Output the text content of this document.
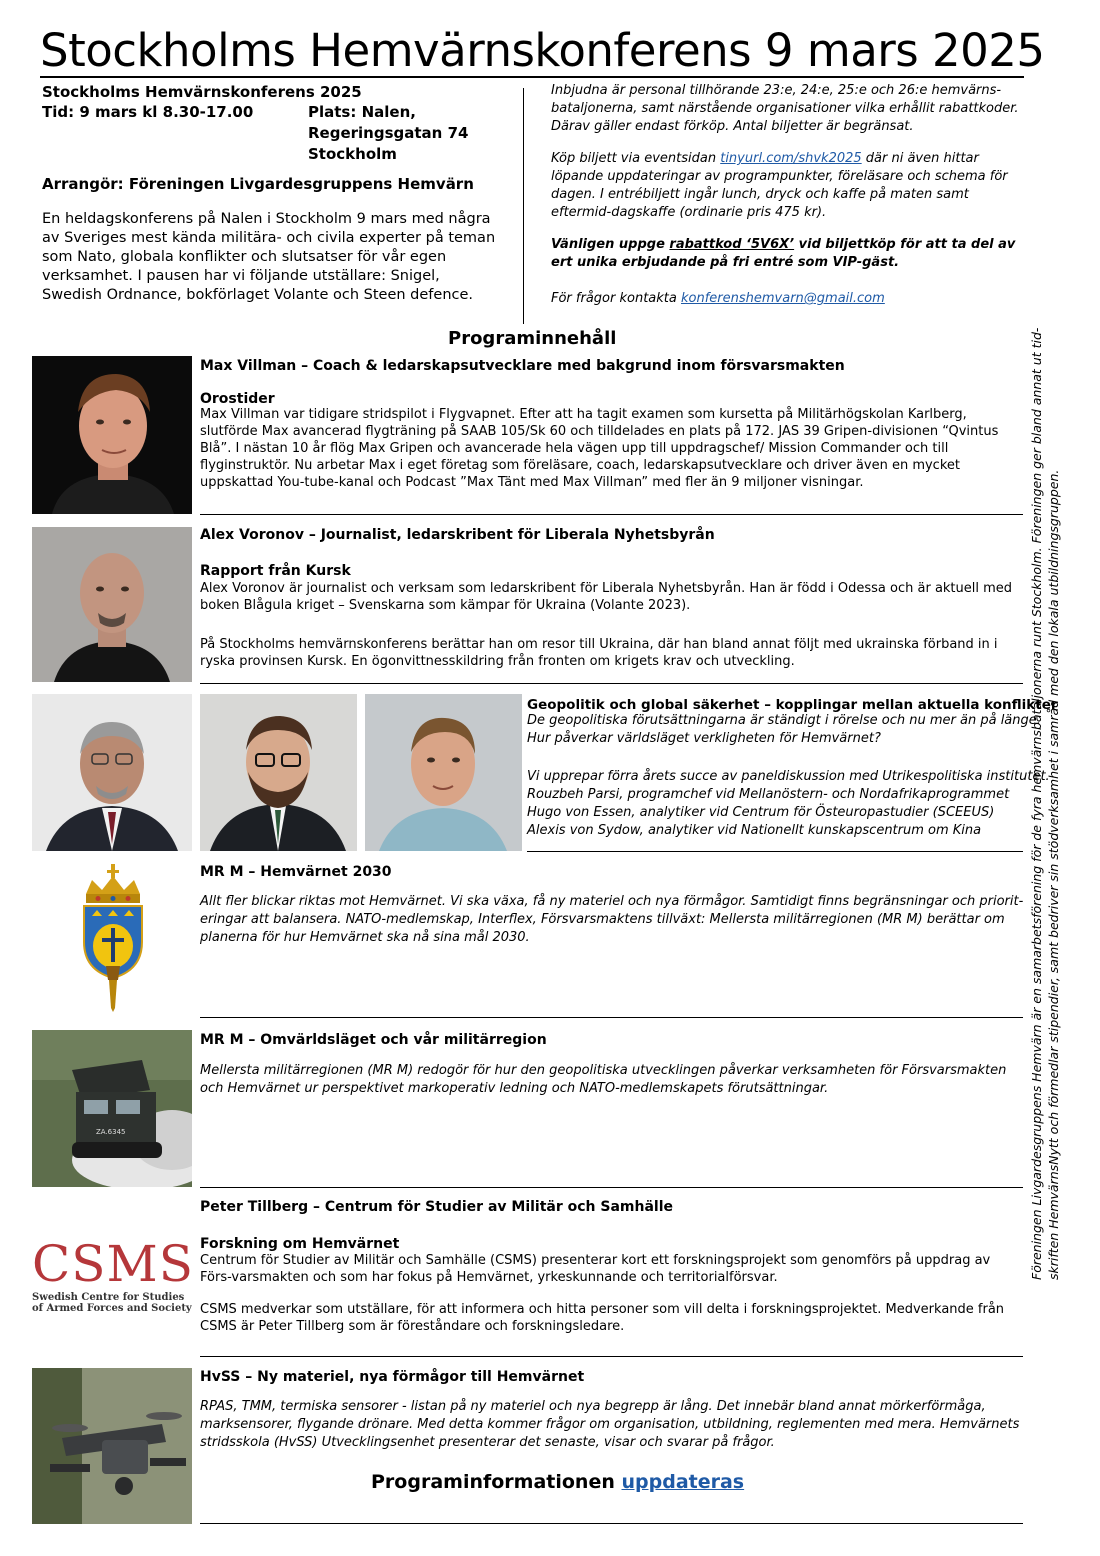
Stockholms Hemvärnskonferens 9 mars 2025
Stockholms Hemvärnskonferens 2025
Tid: 9 mars kl 8.30-17.00	Plats: Nalen,
Regeringsgatan 74
Stockholm
Arrangör: Föreningen Livgardesgruppens Hemvärn
En heldagskonferens på Nalen i Stockholm 9 mars med några av Sveriges mest kända militära- och civila experter på teman som Nato, globala konflikter och slutsatser för vår egen verksamhet. I pausen har vi följande utställare: Snigel, Swedish Ordnance, bokförlaget Volante och Steen defence.
Inbjudna är personal tillhörande 23:e, 24:e, 25:e och 26:e hemvärns-bataljonerna, samt närstående organisationer vilka erhållit rabattkoder. Därav gäller endast förköp. Antal biljetter är begränsat.
Köp biljett via eventsidan tinyurl.com/shvk2025 där ni även hittar löpande uppdateringar av programpunkter, föreläsare och schema för dagen. I entrébiljett ingår lunch, dryck och kaffe på maten samt eftermid-dagskaffe (ordinarie pris 475 kr).
Vänligen uppge rabattkod ‘5V6X’ vid biljettköp för att ta del av ert unika erbjudande på fri entré som VIP-gäst.
För frågor kontakta konferenshemvarn@gmail.com
Programinnehåll
Max Villman – Coach & ledarskapsutvecklare med bakgrund inom försvarsmakten
Orostider
Max Villman var tidigare stridspilot i Flygvapnet. Efter att ha tagit examen som kursetta på Militärhögskolan Karlberg, slutförde Max avancerad flygträning på SAAB 105/Sk 60 och tilldelades en plats på 172. JAS 39 Gripen-divisionen “Qvintus Blå”. I nästan 10 år flög Max Gripen och avancerade hela vägen upp till uppdragschef/ Mission Commander och till flyginstruktör. Nu arbetar Max i eget företag som föreläsare, coach, ledarskapsutvecklare och driver även en mycket uppskattad You-tube-kanal och Podcast ”Max Tänt med Max Villman” med fler än 9 miljoner visningar.
Alex Voronov – Journalist, ledarskribent för Liberala Nyhetsbyrån
Rapport från Kursk
Alex Voronov är journalist och verksam som ledarskribent för Liberala Nyhetsbyrån. Han är född i Odessa och är aktuell med boken Blågula kriget – Svenskarna som kämpar för Ukraina (Volante 2023).
På Stockholms hemvärnskonferens berättar han om resor till Ukraina, där han bland annat följt med ukrainska förband in i ryska provinsen Kursk. En ögonvittnesskildring från fronten om krigets krav och utveckling.
Geopolitik och global säkerhet – kopplingar mellan aktuella konflikter
De geopolitiska förutsättningarna är ständigt i rörelse och nu mer än på länge.
Hur påverkar världsläget verkligheten för Hemvärnet?
Vi upprepar förra årets succe av paneldiskussion med Utrikespolitiska institutet.
Rouzbeh Parsi, programchef vid Mellanöstern- och Nordafrikaprogrammet
Hugo von Essen, analytiker vid Centrum för Östeuropastudier (SCEEUS)
Alexis von Sydow, analytiker vid Nationellt kunskapscentrum om Kina
MR M – Hemvärnet 2030
Allt fler blickar riktas mot Hemvärnet. Vi ska växa, få ny materiel och nya förmågor. Samtidigt finns begränsningar och priorit-eringar att balansera. NATO-medlemskap, Interflex, Försvarsmaktens tillväxt: Mellersta militärregionen (MR M) berättar om planerna för hur Hemvärnet ska nå sina mål 2030.
ZA.6345
MR M – Omvärldsläget och vår militärregion
Mellersta militärregionen (MR M) redogör för hur den geopolitiska utvecklingen påverkar verksamheten för Försvarsmakten och Hemvärnet ur perspektivet markoperativ ledning och NATO-medlemskapets förutsättningar.
CSMS
Swedish Centre for Studies
of Armed Forces and Society
Peter Tillberg – Centrum för Studier av Militär och Samhälle
Forskning om Hemvärnet
Centrum för Studier av Militär och Samhälle (CSMS) presenterar kort ett forskningsprojekt som genomförs på uppdrag av Förs-varsmakten och som har fokus på Hemvärnet, yrkeskunnande och territorialförsvar.
CSMS medverkar som utställare, för att informera och hitta personer som vill delta i forskningsprojektet. Medverkande från CSMS är Peter Tillberg som är föreståndare och forskningsledare.
HvSS – Ny materiel, nya förmågor till Hemvärnet
RPAS, TMM, termiska sensorer - listan på ny materiel och nya begrepp är lång. Det innebär bland annat mörkerförmåga, marksensorer, flygande drönare. Med detta kommer frågor om organisation, utbildning, reglementen med mera. Hemvärnets stridsskola (HvSS) Utvecklingsenhet presenterar det senaste, visar och svarar på frågor.
Programinformationen uppdateras
Föreningen Livgardesgruppens Hemvärn är en samarbetsförening för de fyra hemvärnsbataljonerna runt Stockholm. Föreningen ger bland annat ut tid- skriften HemvärnsNytt och förmedlar stipendier, samt bedriver sin stödverksamhet i samråd med den lokala utbildningsgruppen.
